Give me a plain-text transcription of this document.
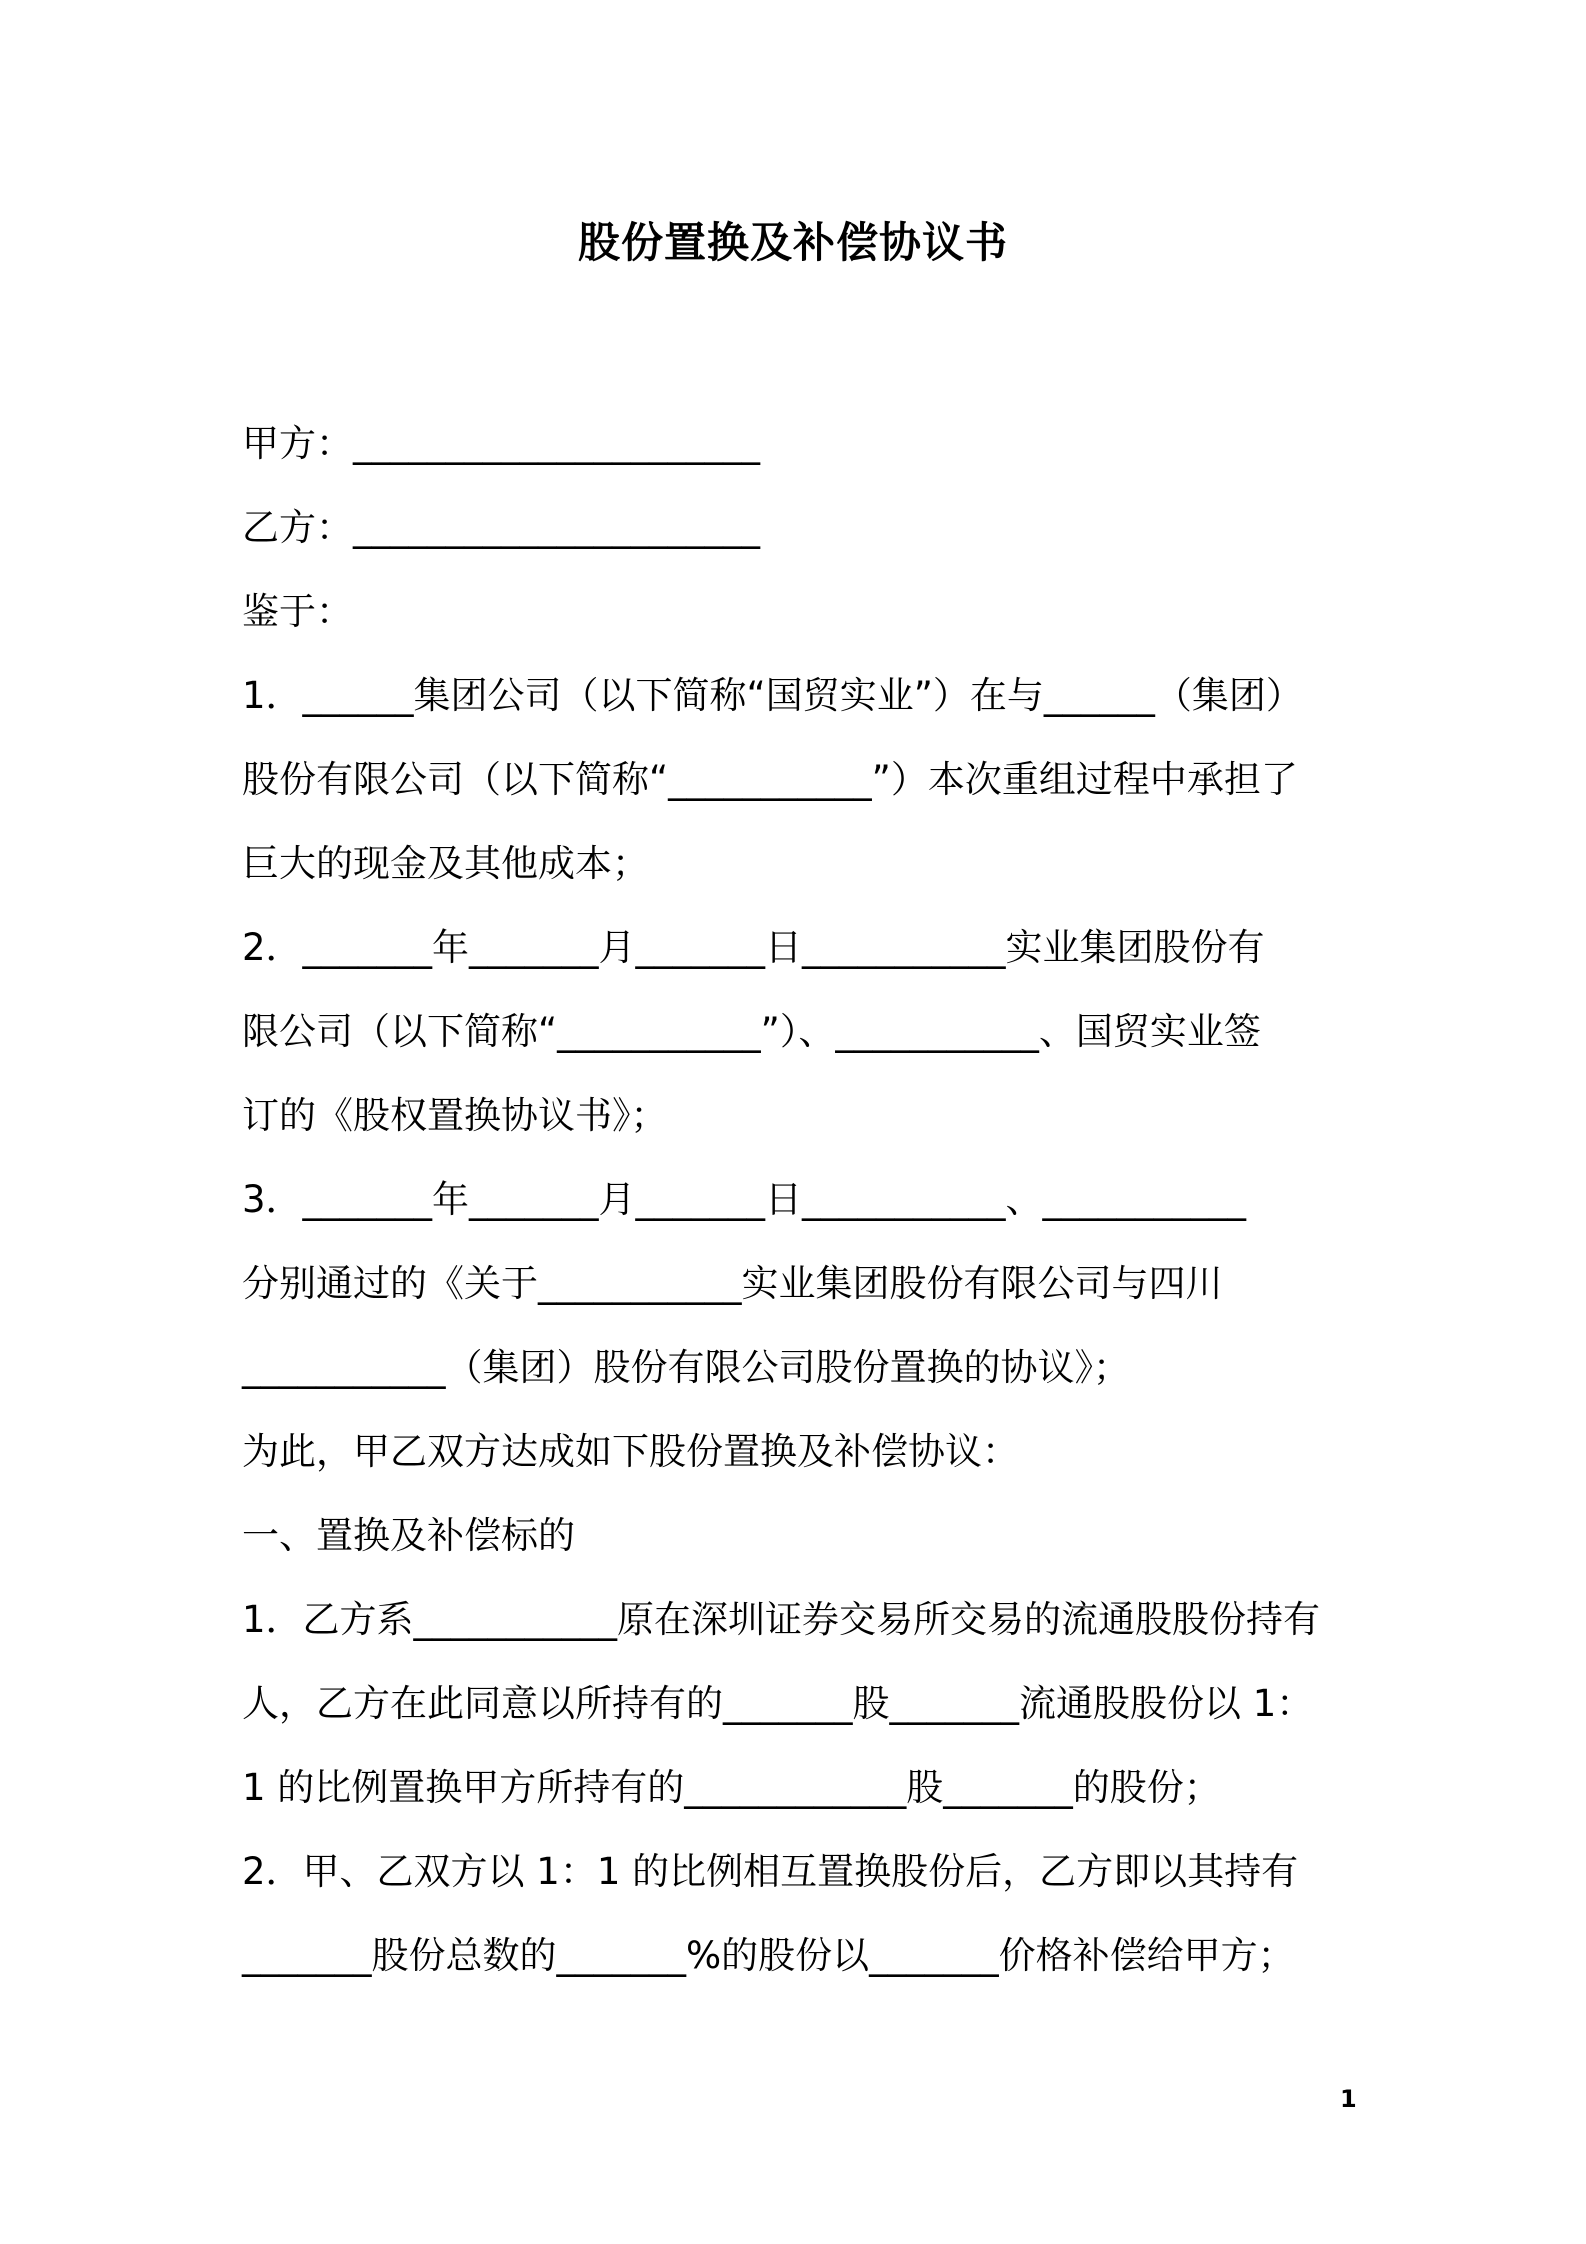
股份置换及补偿协议书
甲方：______________________
乙方：______________________
鉴于：
1．______集团公司（以下简称“国贸实业”）在与______（集团）
股份有限公司（以下简称“___________”）本次重组过程中承担了
巨大的现金及其他成本；
2．_______年_______月_______日___________实业集团股份有
限公司（以下简称“___________”）、___________、国贸实业签
订的《股权置换协议书》；
3．_______年_______月_______日___________、___________
分别通过的《关于___________实业集团股份有限公司与四川
___________（集团）股份有限公司股份置换的协议》；
为此，甲乙双方达成如下股份置换及补偿协议：
一、置换及补偿标的
1．乙方系___________原在深圳证券交易所交易的流通股股份持有
人，乙方在此同意以所持有的_______股_______流通股股份以 1：
1 的比例置换甲方所持有的____________股_______的股份；
2．甲、乙双方以 1：1 的比例相互置换股份后，乙方即以其持有
_______股份总数的_______%的股份以_______价格补偿给甲方；
1
